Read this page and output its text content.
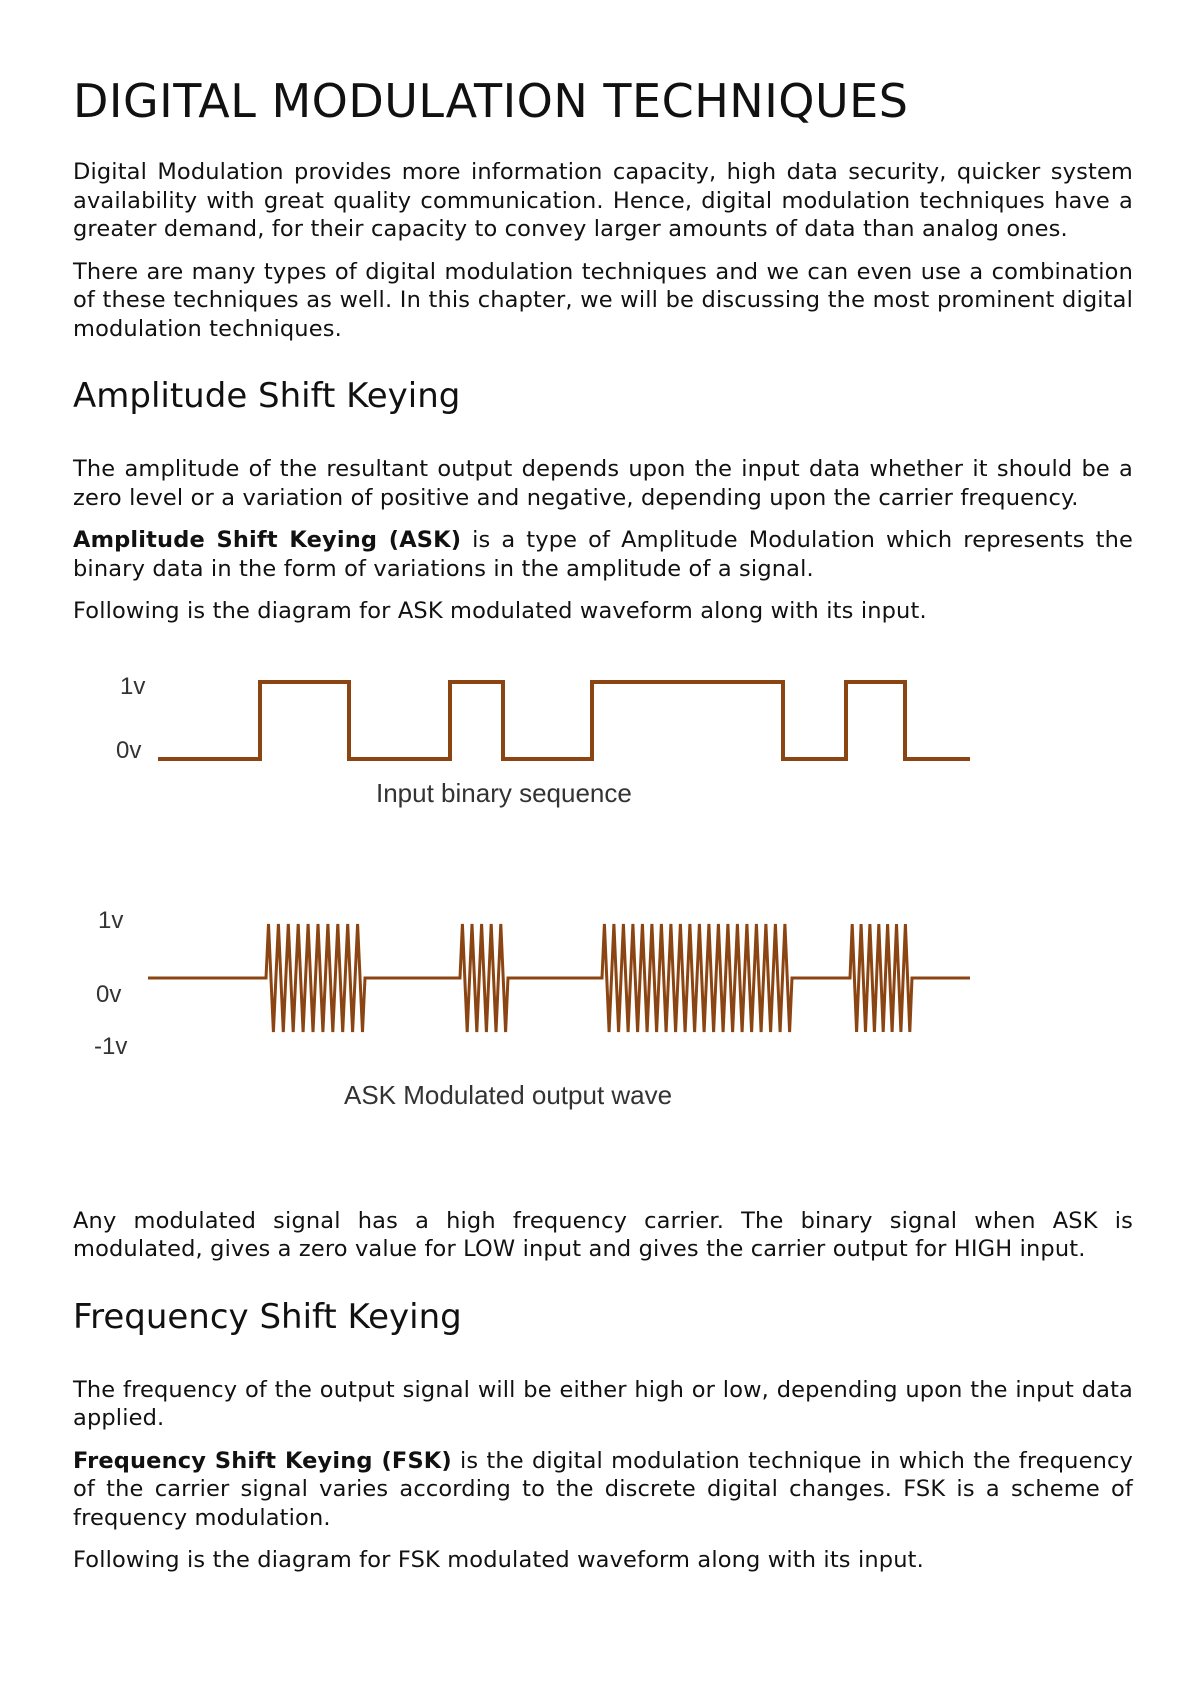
DIGITAL MODULATION TECHNIQUES

Digital Modulation provides more information capacity, high data security, quicker system availability with great quality communication. Hence, digital modulation techniques have a greater demand, for their capacity to convey larger amounts of data than analog ones.

There are many types of digital modulation techniques and we can even use a combination of these techniques as well. In this chapter, we will be discussing the most prominent digital modulation techniques.

Amplitude Shift Keying

The amplitude of the resultant output depends upon the input data whether it should be a zero level or a variation of positive and negative, depending upon the carrier frequency.

Amplitude Shift Keying (ASK) is a type of Amplitude Modulation which represents the binary data in the form of variations in the amplitude of a signal.

Following is the diagram for ASK modulated waveform along with its input.

1v
0v
Input binary sequence
1v
0v
-1v
ASK Modulated output wave

Any modulated signal has a high frequency carrier. The binary signal when ASK is modulated, gives a zero value for LOW input and gives the carrier output for HIGH input.

Frequency Shift Keying

The frequency of the output signal will be either high or low, depending upon the input data applied.

Frequency Shift Keying (FSK) is the digital modulation technique in which the frequency of the carrier signal varies according to the discrete digital changes. FSK is a scheme of frequency modulation.

Following is the diagram for FSK modulated waveform along with its input.
